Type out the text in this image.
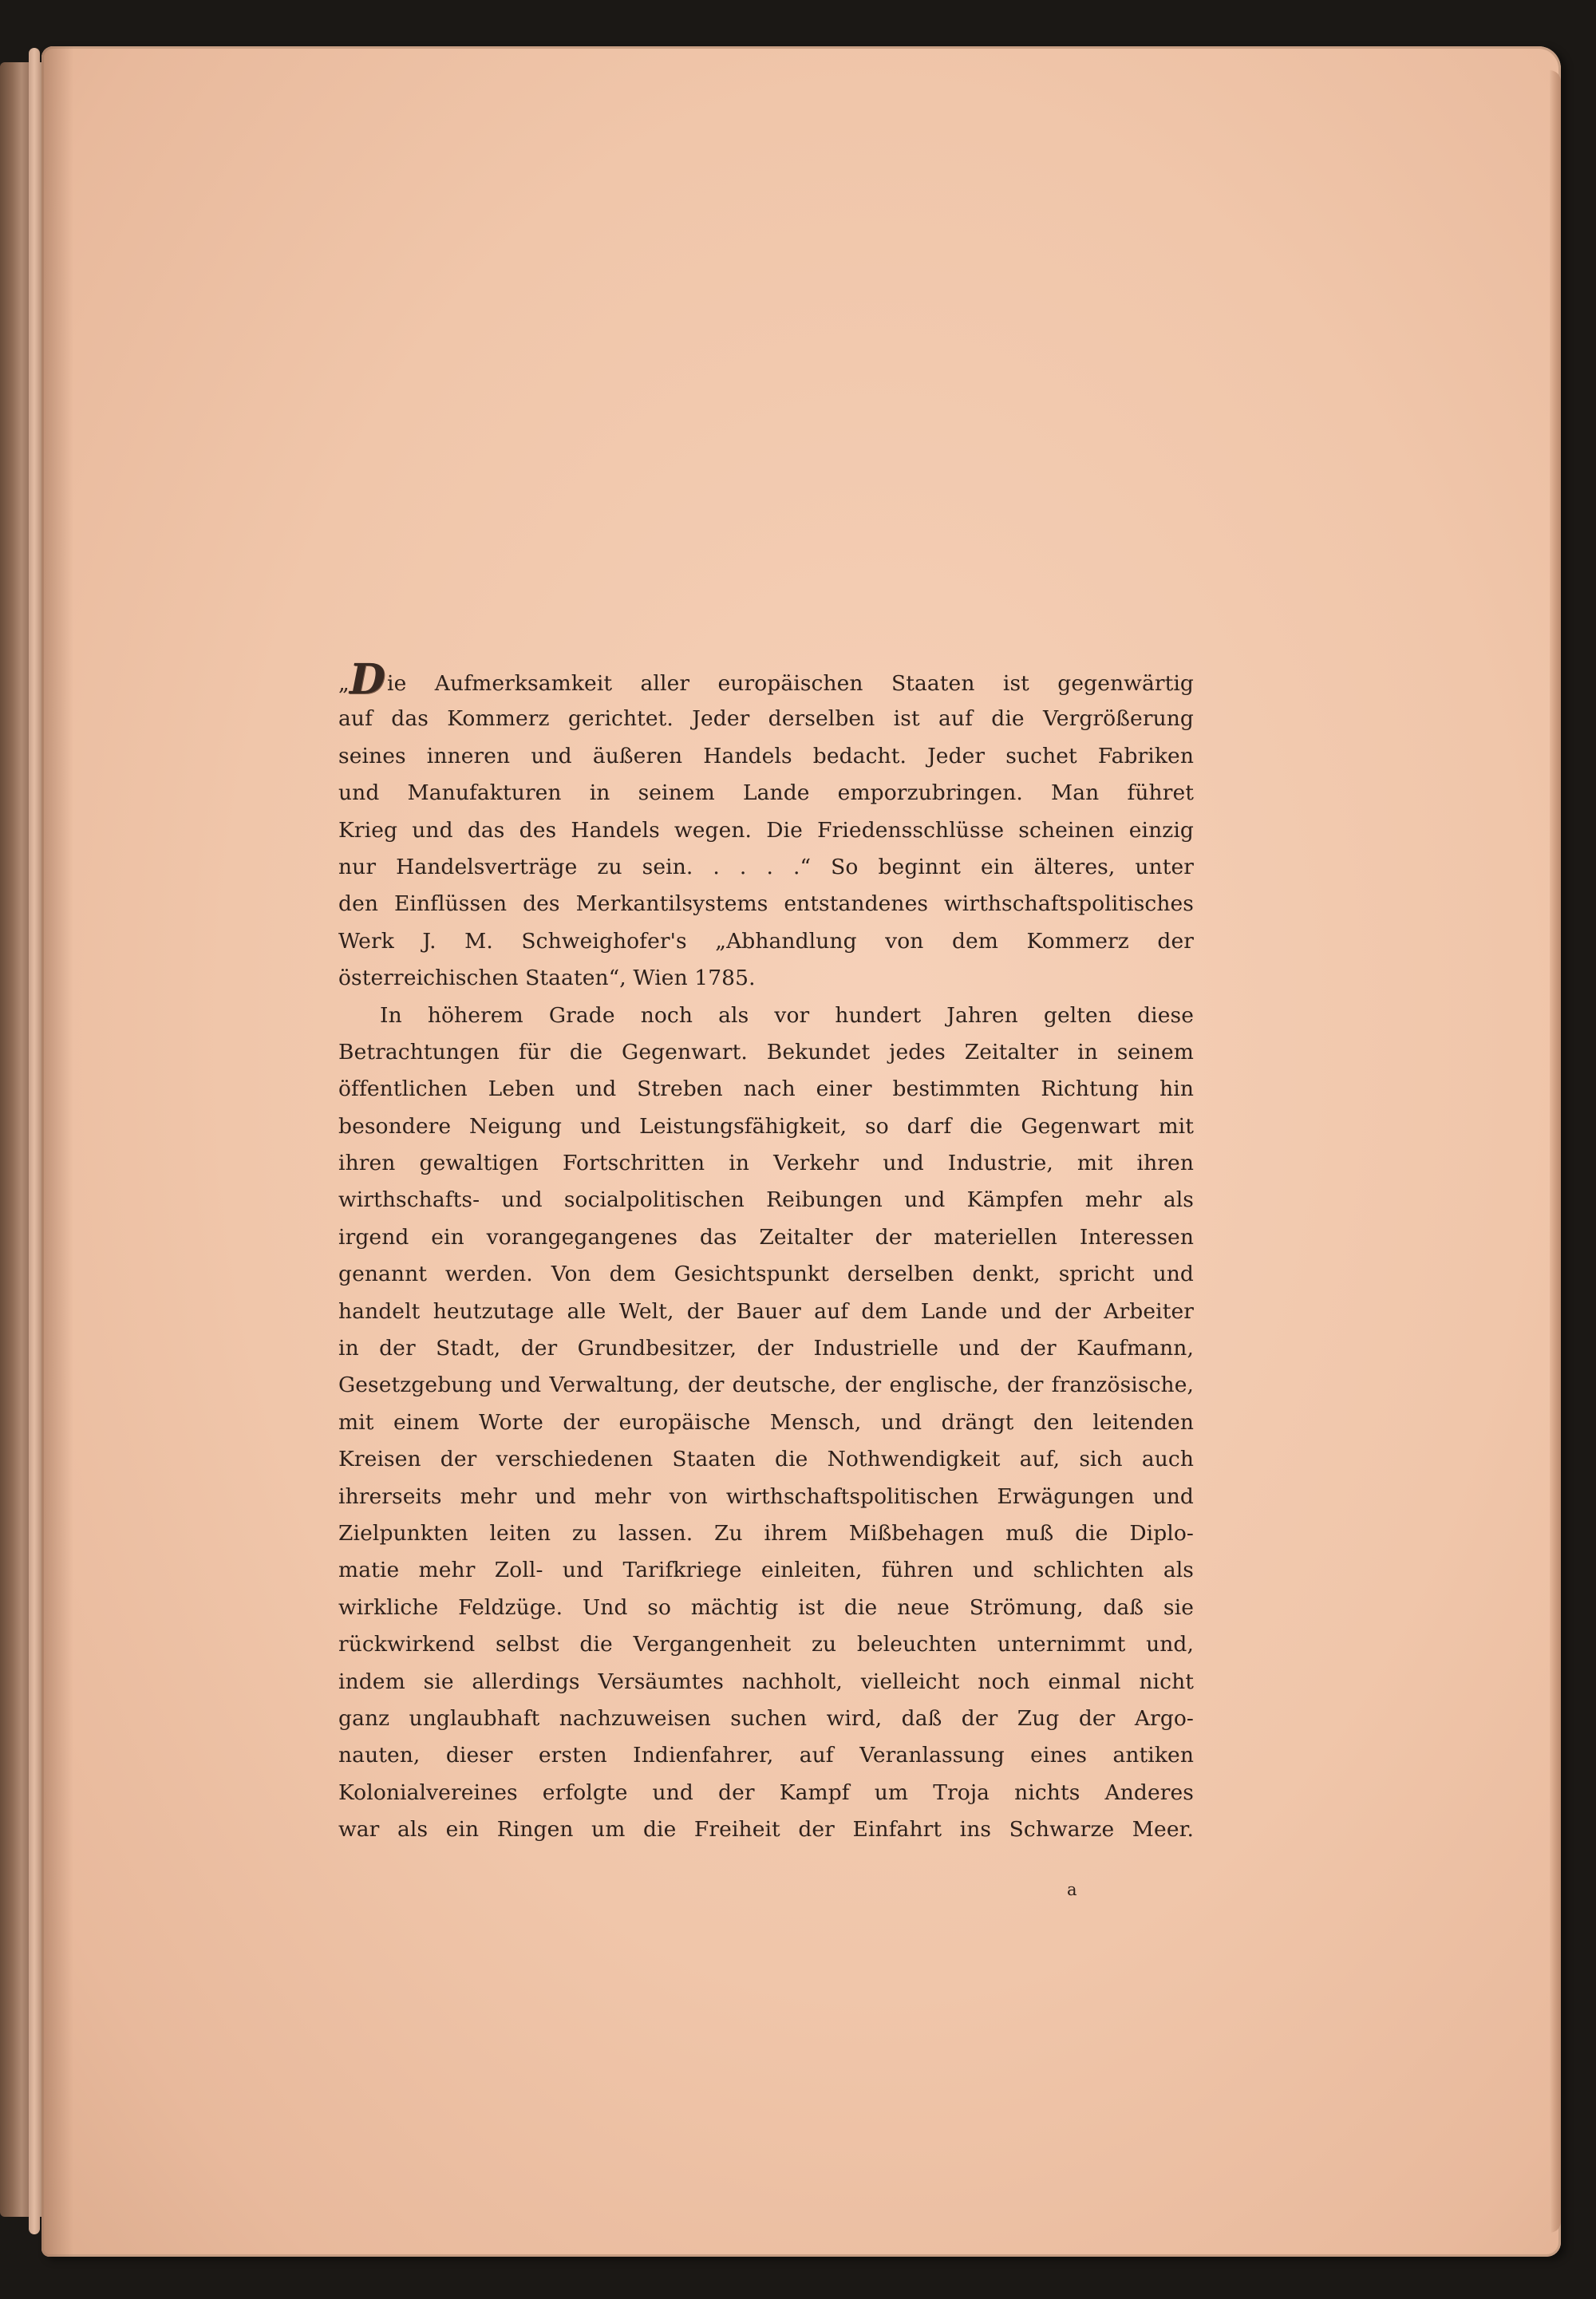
„Die Aufmerksamkeit aller europäischen Staaten ist gegenwärtig
auf das Kommerz gerichtet. Jeder derselben ist auf die Vergrößerung
seines inneren und äußeren Handels bedacht. Jeder suchet Fabriken
und Manufakturen in seinem Lande emporzubringen. Man führet
Krieg und das des Handels wegen. Die Friedensschlüsse scheinen einzig
nur Handelsverträge zu sein. . . . .“ So beginnt ein älteres, unter
den Einflüssen des Merkantilsystems entstandenes wirthschaftspolitisches
Werk J. M. Schweighofer's „Abhandlung von dem Kommerz der
österreichischen Staaten“, Wien 1785.
In höherem Grade noch als vor hundert Jahren gelten diese
Betrachtungen für die Gegenwart. Bekundet jedes Zeitalter in seinem
öffentlichen Leben und Streben nach einer bestimmten Richtung hin
besondere Neigung und Leistungsfähigkeit, so darf die Gegenwart mit
ihren gewaltigen Fortschritten in Verkehr und Industrie, mit ihren
wirthschafts- und socialpolitischen Reibungen und Kämpfen mehr als
irgend ein vorangegangenes das Zeitalter der materiellen Interessen
genannt werden. Von dem Gesichtspunkt derselben denkt, spricht und
handelt heutzutage alle Welt, der Bauer auf dem Lande und der Arbeiter
in der Stadt, der Grundbesitzer, der Industrielle und der Kaufmann,
Gesetzgebung und Verwaltung, der deutsche, der englische, der französische,
mit einem Worte der europäische Mensch, und drängt den leitenden
Kreisen der verschiedenen Staaten die Nothwendigkeit auf, sich auch
ihrerseits mehr und mehr von wirthschaftspolitischen Erwägungen und
Zielpunkten leiten zu lassen. Zu ihrem Mißbehagen muß die Diplo-
matie mehr Zoll- und Tarifkriege einleiten, führen und schlichten als
wirkliche Feldzüge. Und so mächtig ist die neue Strömung, daß sie
rückwirkend selbst die Vergangenheit zu beleuchten unternimmt und,
indem sie allerdings Versäumtes nachholt, vielleicht noch einmal nicht
ganz unglaubhaft nachzuweisen suchen wird, daß der Zug der Argo-
nauten, dieser ersten Indienfahrer, auf Veranlassung eines antiken
Kolonialvereines erfolgte und der Kampf um Troja nichts Anderes
war als ein Ringen um die Freiheit der Einfahrt ins Schwarze Meer.
a
